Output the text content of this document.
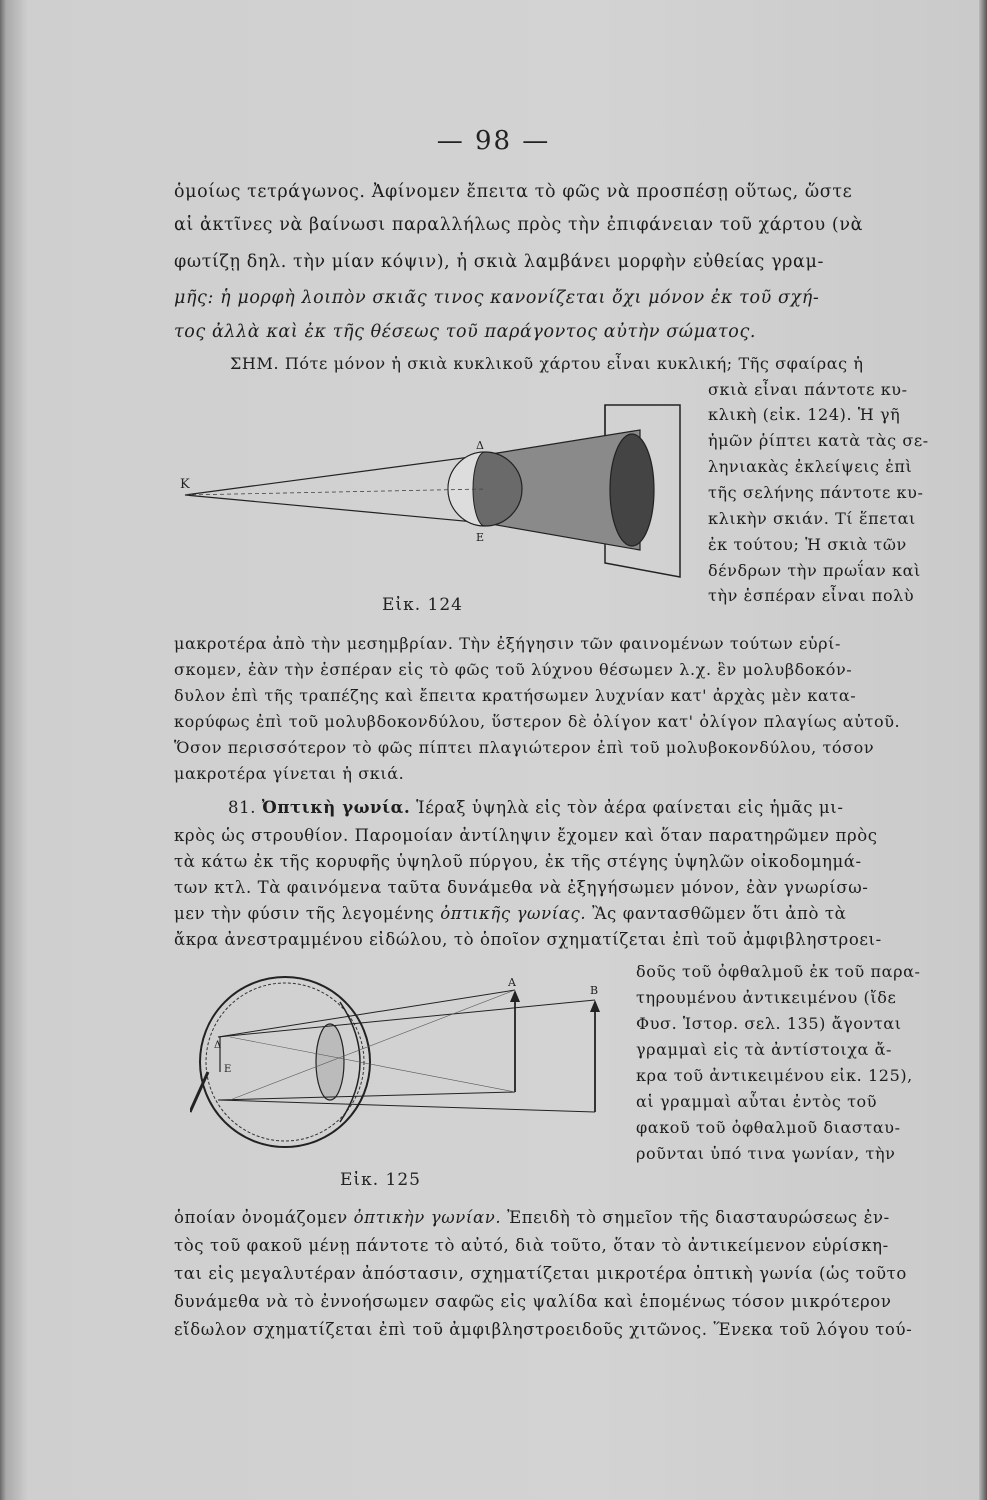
— 98 —
ὁμοίως τετράγωνος. Ἀφίνομεν ἔπειτα τὸ φῶς νὰ προσπέσῃ οὕτως, ὥστε
αἱ ἀκτῖνες νὰ βαίνωσι παραλλήλως πρὸς τὴν ἐπιφάνειαν τοῦ χάρτου (νὰ
φωτίζῃ δηλ. τὴν μίαν κόψιν), ἡ σκιὰ λαμβάνει μορφὴν εὐθείας γραμ-
μῆς: ἡ μορφὴ λοιπὸν σκιᾶς τινος κανονίζεται ὄχι μόνον ἐκ τοῦ σχή-
τος ἀλλὰ καὶ ἐκ τῆς θέσεως τοῦ παράγοντος αὐτὴν σώματος.
ΣΗΜ. Πότε μόνον ἡ σκιὰ κυκλικοῦ χάρτου εἶναι κυκλική; Τῆς σφαίρας ἡ
σκιὰ εἶναι πάντοτε κυ-
κλικὴ (εἰκ. 124). Ἡ γῆ
ἡμῶν ῥίπτει κατὰ τὰς σε-
ληνιακὰς ἐκλείψεις ἐπὶ
τῆς σελήνης πάντοτε κυ-
κλικὴν σκιάν. Τί ἕπεται
ἐκ τούτου; Ἡ σκιὰ τῶν
δένδρων τὴν πρωΐαν καὶ
τὴν ἑσπέραν εἶναι πολὺ
Κ
Δ
Ε
Εἰκ. 124
μακροτέρα ἀπὸ τὴν μεσημβρίαν. Τὴν ἐξήγησιν τῶν φαινομένων τούτων εὑρί-
σκομεν, ἐὰν τὴν ἑσπέραν εἰς τὸ φῶς τοῦ λύχνου θέσωμεν λ.χ. ἓν μολυβδοκόν-
δυλον ἐπὶ τῆς τραπέζης καὶ ἔπειτα κρατήσωμεν λυχνίαν κατ' ἀρχὰς μὲν κατα-
κορύφως ἐπὶ τοῦ μολυβδοκονδύλου, ὕστερον δὲ ὀλίγον κατ' ὀλίγον πλαγίως αὐτοῦ.
Ὅσον περισσότερον τὸ φῶς πίπτει πλαγιώτερον ἐπὶ τοῦ μολυβοκονδύλου, τόσον
μακροτέρα γίνεται ἡ σκιά.
81. Ὀπτικὴ γωνία. Ἱέραξ ὑψηλὰ εἰς τὸν ἀέρα φαίνεται εἰς ἡμᾶς μι-
κρὸς ὡς στρουθίον. Παρομοίαν ἀντίληψιν ἔχομεν καὶ ὅταν παρατηρῶμεν πρὸς
τὰ κάτω ἐκ τῆς κορυφῆς ὑψηλοῦ πύργου, ἐκ τῆς στέγης ὑψηλῶν οἰκοδομημά-
των κτλ. Τὰ φαινόμενα ταῦτα δυνάμεθα νὰ ἐξηγήσωμεν μόνον, ἐὰν γνωρίσω-
μεν τὴν φύσιν τῆς λεγομένης ὀπτικῆς γωνίας. Ἂς φαντασθῶμεν ὅτι ἀπὸ τὰ
ἄκρα ἀνεστραμμένου εἰδώλου, τὸ ὁποῖον σχηματίζεται ἐπὶ τοῦ ἀμφιβληστροει-
δοῦς τοῦ ὀφθαλμοῦ ἐκ τοῦ παρα-
τηρουμένου ἀντικειμένου (ἴδε
Φυσ. Ἱστορ. σελ. 135) ἄγονται
γραμμαὶ εἰς τὰ ἀντίστοιχα ἄ-
κρα τοῦ ἀντικειμένου εἰκ. 125),
αἱ γραμμαὶ αὗται ἐντὸς τοῦ
φακοῦ τοῦ ὀφθαλμοῦ διασταυ-
ροῦνται ὑπό τινα γωνίαν, τὴν
Α
Β
Δ
Ε
Εἰκ. 125
ὁποίαν ὀνομάζομεν ὀπτικὴν γωνίαν. Ἐπειδὴ τὸ σημεῖον τῆς διασταυρώσεως ἐν-
τὸς τοῦ φακοῦ μένῃ πάντοτε τὸ αὐτό, διὰ τοῦτο, ὅταν τὸ ἀντικείμενον εὑρίσκη-
ται εἰς μεγαλυτέραν ἀπόστασιν, σχηματίζεται μικροτέρα ὀπτικὴ γωνία (ὡς τοῦτο
δυνάμεθα νὰ τὸ ἐννοήσωμεν σαφῶς εἰς ψαλίδα καὶ ἑπομένως τόσον μικρότερον
εἴδωλον σχηματίζεται ἐπὶ τοῦ ἀμφιβληστροειδοῦς χιτῶνος. Ἕνεκα τοῦ λόγου τού-
